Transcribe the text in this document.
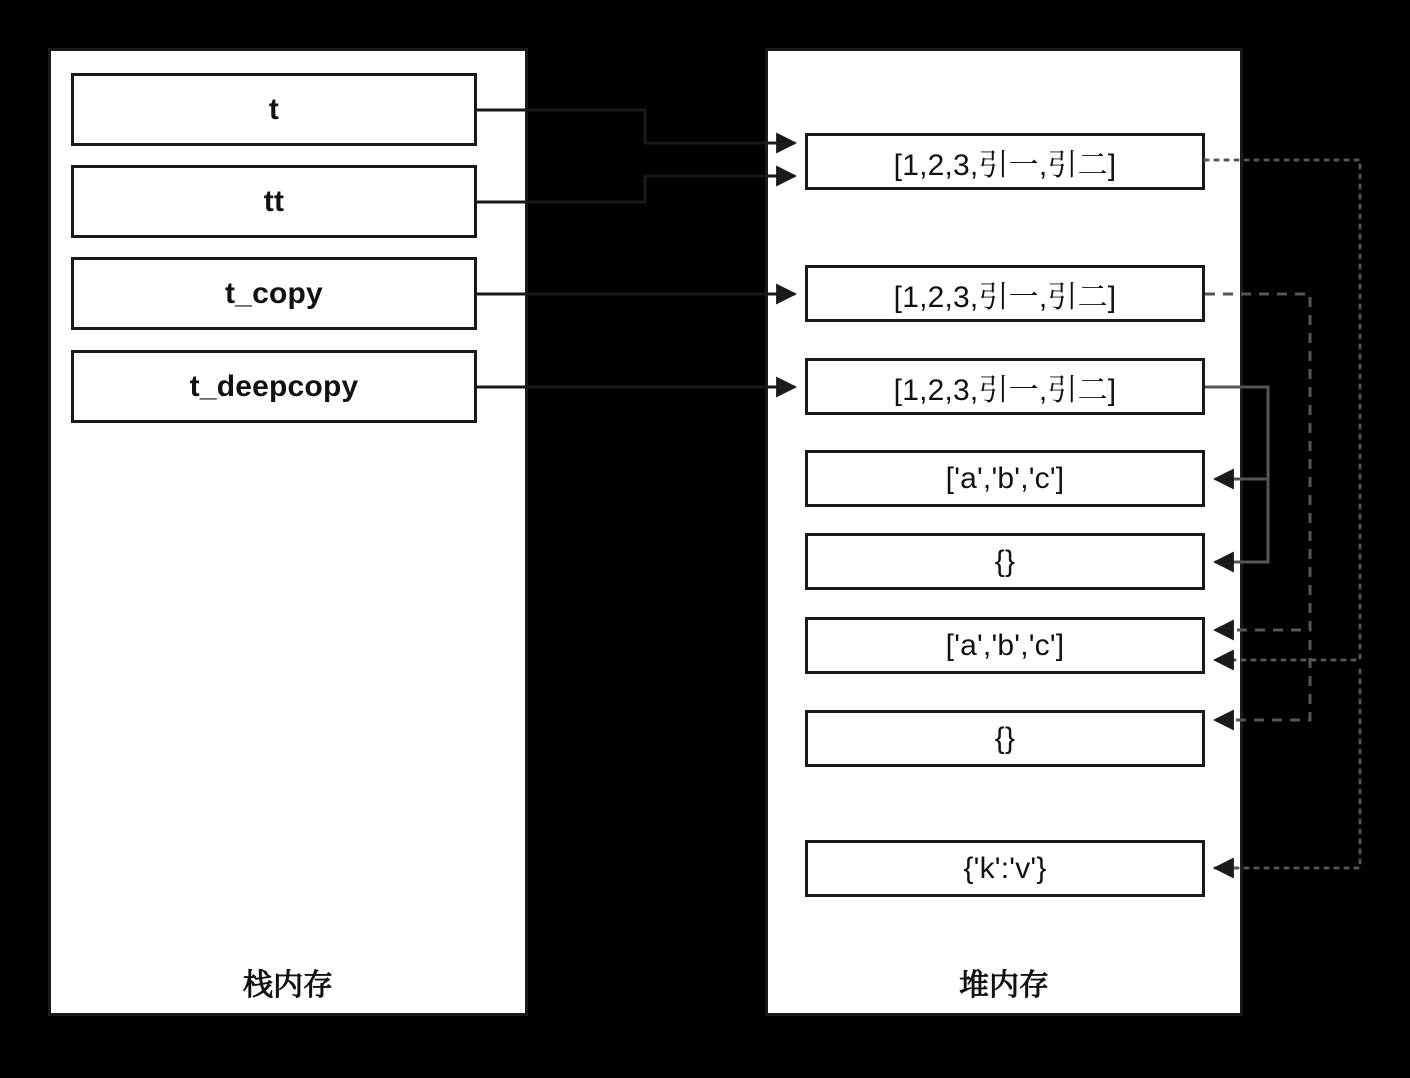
栈内存
t
tt
t_copy
t_deepcopy
堆内存
[1,2,3,引一,引二]
[1,2,3,引一,引二]
[1,2,3,引一,引二]
['a','b','c']
{}
['a','b','c']
{}
{'k':'v'}
